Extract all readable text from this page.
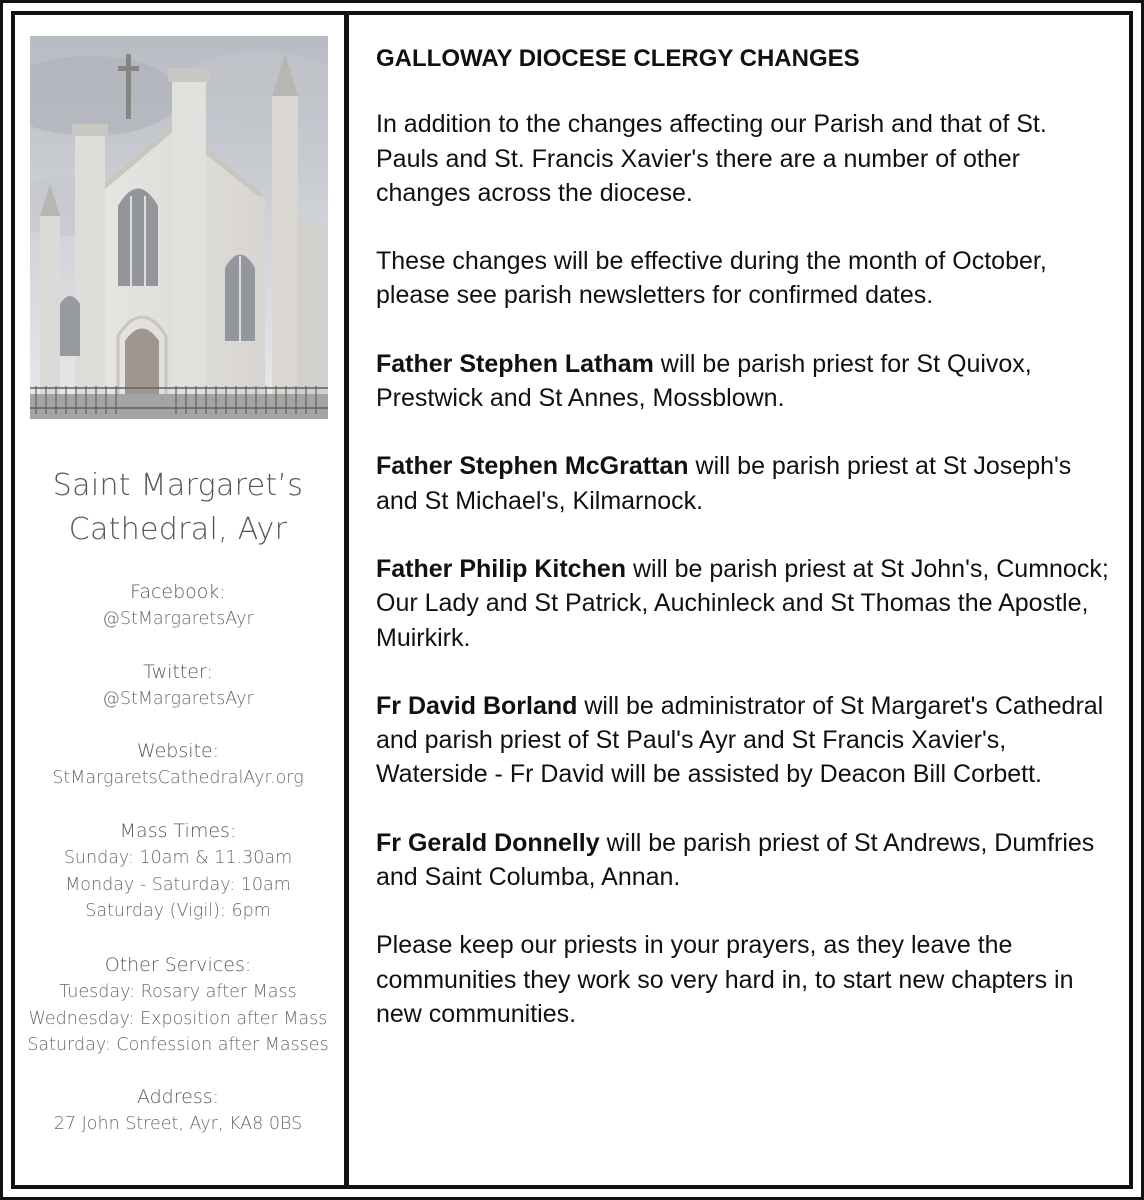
Saint Margaret’s
Cathedral, Ayr
Facebook:
@StMargaretsAyr
Twitter:
@StMargaretsAyr
Website:
StMargaretsCathedralAyr.org
Mass Times:
Sunday: 10am & 11.30am
Monday - Saturday: 10am
Saturday (Vigil): 6pm
Other Services:
Tuesday: Rosary after Mass
Wednesday: Exposition after Mass
Saturday: Confession after Masses
Address:
27 John Street, Ayr, KA8 0BS
GALLOWAY DIOCESE CLERGY CHANGES

In addition to the changes affecting our Parish and that of St. Pauls and St. Francis Xavier's there are a number of other changes across the diocese.

These changes will be effective during the month of October, please see parish newsletters for confirmed dates.

Father Stephen Latham will be parish priest for St Quivox, Prestwick and St Annes, Mossblown.

Father Stephen McGrattan will be parish priest at St Joseph's and St Michael's, Kilmarnock.

Father Philip Kitchen will be parish priest at St John's, Cumnock; Our Lady and St Patrick, Auchinleck and St Thomas the Apostle, Muirkirk.

Fr David Borland will be administrator of St Margaret's Cathedral and parish priest of St Paul's Ayr and St Francis Xavier's, Waterside - Fr David will be assisted by Deacon Bill Corbett.

Fr Gerald Donnelly will be parish priest of St Andrews, Dumfries and Saint Columba, Annan.

Please keep our priests in your prayers, as they leave the communities they work so very hard in, to start new chapters in new communities.
